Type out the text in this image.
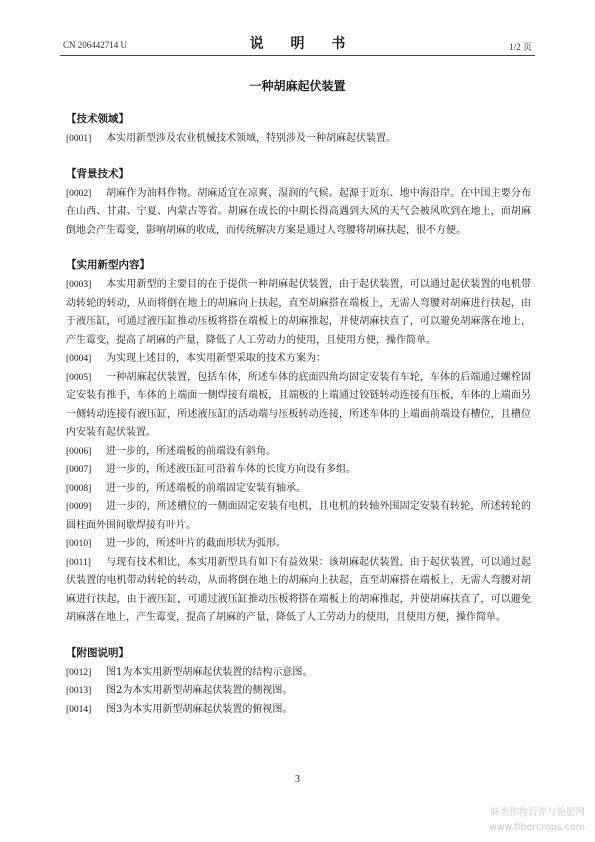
CN 206442714 U	说 明 书	1/2 页
一种胡麻起伏装置

【技术领域】

[0001] 本实用新型涉及农业机械技术领域，特别涉及一种胡麻起伏装置。

【背景技术】

[0002] 胡麻作为油料作物。胡麻适宜在凉爽、湿润的气候。起源于近东、地中海沿岸。在中国主要分布在山西、甘肃、宁夏、内蒙古等省。胡麻在成长的中期长得高遇到大风的天气会被风吹到在地上，而胡麻倒地会产生霉变，影响胡麻的收成，而传统解决方案是通过人弯腰将胡麻扶起，很不方便。

【实用新型内容】

[0003] 本实用新型的主要目的在于提供一种胡麻起伏装置，由于起伏装置，可以通过起伏装置的电机带动转轮的转动，从而将倒在地上的胡麻向上扶起，直至胡麻搭在端板上，无需人弯腰对胡麻进行扶起，由于液压缸，可通过液压缸推动压板将搭在端板上的胡麻推起，并使胡麻扶直了，可以避免胡麻落在地上，产生霉变，提高了胡麻的产量，降低了人工劳动力的使用，且使用方便，操作简单。

[0004] 为实现上述目的，本实用新型采取的技术方案为：

[0005] 一种胡麻起伏装置，包括车体，所述车体的底面四角均固定安装有车轮，车体的后端通过螺栓固定安装有推手，车体的上端面一侧焊接有端板，且端板的上端通过铰链转动连接有压板，车体的上端面另一侧转动连接有液压缸，所述液压缸的活动端与压板转动连接，所述车体的上端面前端设有槽位，且槽位内安装有起伏装置。

[0006] 进一步的，所述端板的前端设有斜角。

[0007] 进一步的，所述液压缸可沿着车体的长度方向设有多组。

[0008] 进一步的，所述端板的前端固定安装有轴承。

[0009] 进一步的，所述槽位的一侧面固定安装有电机，且电机的转轴外围固定安装有转轮，所述转轮的圆柱面外围间歇焊接有叶片。

[0010] 进一步的，所述叶片的截面形状为弧形。

[0011] 与现有技术相比，本实用新型具有如下有益效果：该胡麻起伏装置，由于起伏装置，可以通过起伏装置的电机带动转轮的转动，从而将倒在地上的胡麻向上扶起，直至胡麻搭在端板上，无需人弯腰对胡麻进行扶起，由于液压缸，可通过液压缸推动压板将搭在端板上的胡麻推起，并使胡麻扶直了，可以避免胡麻落在地上，产生霉变，提高了胡麻的产量，降低了人工劳动力的使用，且使用方便，操作简单。

【附图说明】

[0012] 图1为本实用新型胡麻起伏装置的结构示意图。

[0013] 图2为本实用新型胡麻起伏装置的侧视图。

[0014] 图3为本实用新型胡麻起伏装置的俯视图。

3
麻类作物营养与施肥网
www.fibercrops.com
